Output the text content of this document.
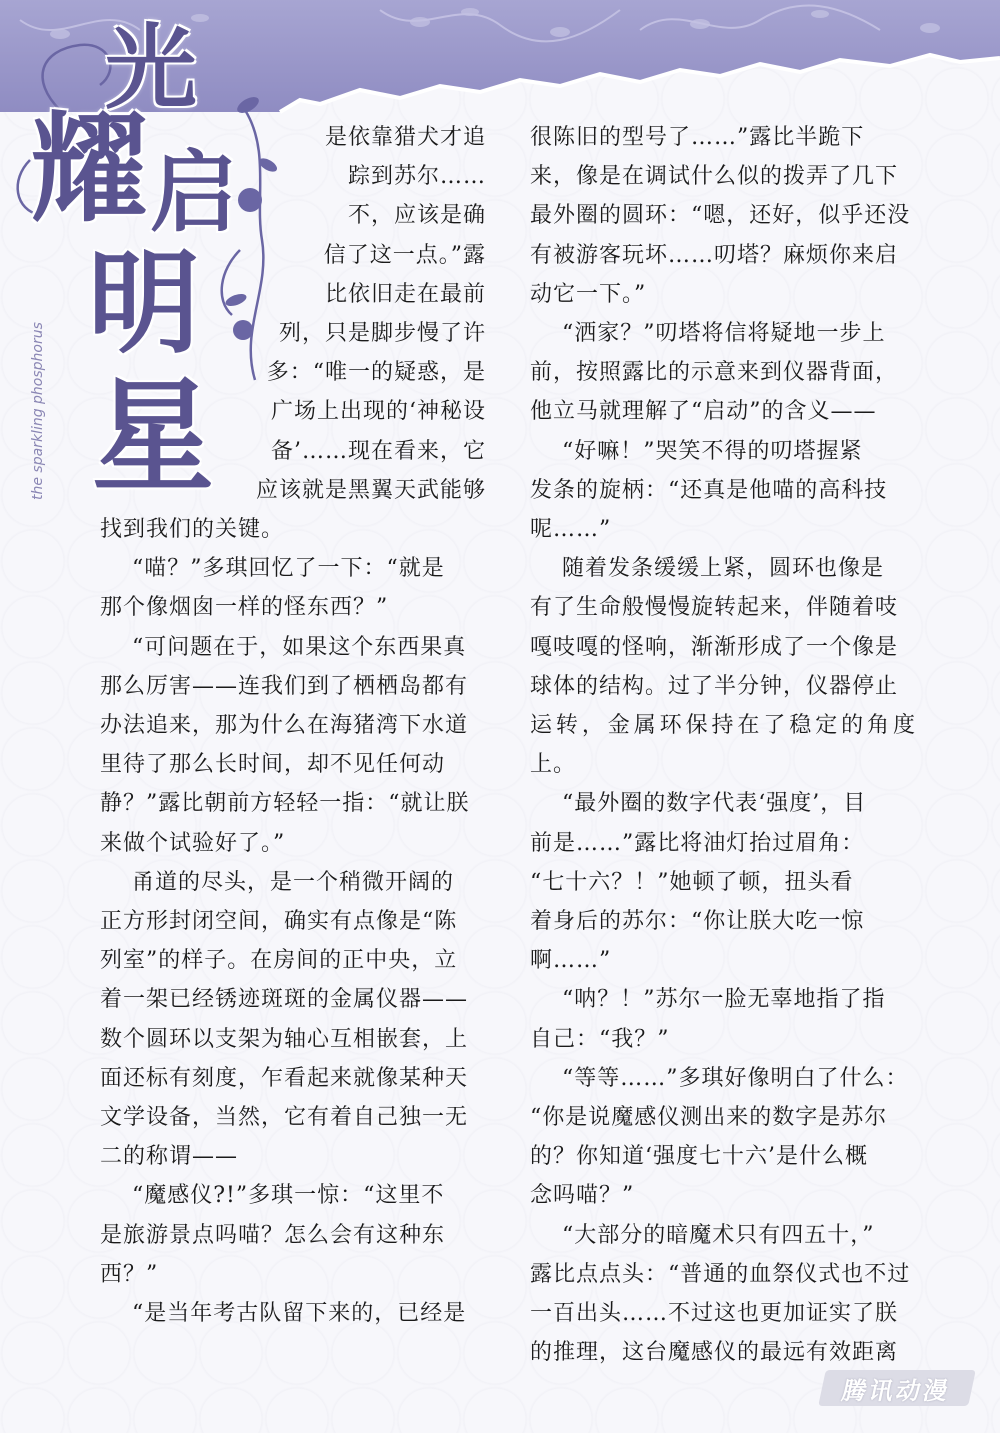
光
耀 启
明
星
the sparkling phosphorus

是依靠猎犬才追

踪到苏尔……

不，应该是确

信了这一点。”露

比依旧走在最前

列，只是脚步慢了许

多：“唯一的疑惑，是

广场上出现的‘神秘设

备’……现在看来，它

应该就是黑翼天武能够

找到我们的关键。

“喵？”多琪回忆了一下：“就是

那个像烟囱一样的怪东西？”

“可问题在于，如果这个东西果真

那么厉害——连我们到了栖栖岛都有

办法追来，那为什么在海猪湾下水道

里待了那么长时间，却不见任何动

静？”露比朝前方轻轻一指：“就让朕

来做个试验好了。”

甬道的尽头，是一个稍微开阔的

正方形封闭空间，确实有点像是“陈

列室”的样子。在房间的正中央，立

着一架已经锈迹斑斑的金属仪器——

数个圆环以支架为轴心互相嵌套，上

面还标有刻度，乍看起来就像某种天

文学设备，当然，它有着自己独一无

二的称谓——

“魔感仪?!”多琪一惊：“这里不

是旅游景点吗喵？怎么会有这种东

西？”

“是当年考古队留下来的，已经是

很陈旧的型号了……”露比半跪下

来，像是在调试什么似的拨弄了几下

最外圈的圆环：“嗯，还好，似乎还没

有被游客玩坏……叨塔？麻烦你来启

动它一下。”

“洒家？”叨塔将信将疑地一步上

前，按照露比的示意来到仪器背面，

他立马就理解了“启动”的含义——

“好嘛！”哭笑不得的叨塔握紧

发条的旋柄：“还真是他喵的高科技

呢……”

随着发条缓缓上紧，圆环也像是

有了生命般慢慢旋转起来，伴随着吱

嘎吱嘎的怪响，渐渐形成了一个像是

球体的结构。过了半分钟，仪器停止

运转，金属环保持在了稳定的角度上。

“最外圈的数字代表‘强度’，目

前是……”露比将油灯抬过眉角：

“七十六？！”她顿了顿，扭头看

着身后的苏尔：“你让朕大吃一惊

啊……”

“呐？！”苏尔一脸无辜地指了指

自己：“我？”

“等等……”多琪好像明白了什么：

“你是说魔感仪测出来的数字是苏尔

的？你知道‘强度七十六’是什么概

念吗喵？”

“大部分的暗魔术只有四五十，”

露比点点头：“普通的血祭仪式也不过

一百出头……不过这也更加证实了朕

的推理，这台魔感仪的最远有效距离

腾讯动漫
